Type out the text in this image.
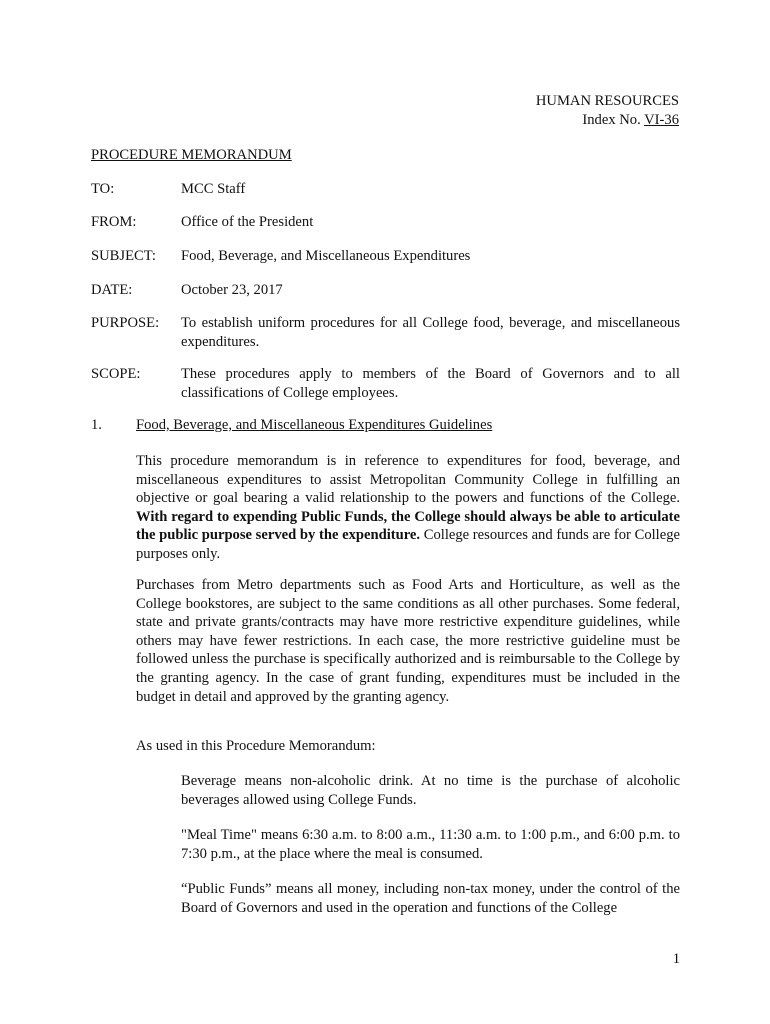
HUMAN RESOURCES
Index No. VI-36
PROCEDURE MEMORANDUM
TO:	MCC Staff
FROM:	Office of the President
SUBJECT: Food, Beverage, and Miscellaneous Expenditures
DATE:	October 23, 2017
PURPOSE: To establish uniform procedures for all College food, beverage, and miscellaneous expenditures.
SCOPE:	These procedures apply to members of the Board of Governors and to all classifications of College employees.
1. Food, Beverage, and Miscellaneous Expenditures Guidelines
This procedure memorandum is in reference to expenditures for food, beverage, and miscellaneous expenditures to assist Metropolitan Community College in fulfilling an objective or goal bearing a valid relationship to the powers and functions of the College. With regard to expending Public Funds, the College should always be able to articulate the public purpose served by the expenditure. College resources and funds are for College purposes only.
Purchases from Metro departments such as Food Arts and Horticulture, as well as the College bookstores, are subject to the same conditions as all other purchases. Some federal, state and private grants/contracts may have more restrictive expenditure guidelines, while others may have fewer restrictions. In each case, the more restrictive guideline must be followed unless the purchase is specifically authorized and is reimbursable to the College by the granting agency. In the case of grant funding, expenditures must be included in the budget in detail and approved by the granting agency.
As used in this Procedure Memorandum:
Beverage means non-alcoholic drink. At no time is the purchase of alcoholic beverages allowed using College Funds.
"Meal Time" means 6:30 a.m. to 8:00 a.m., 11:30 a.m. to 1:00 p.m., and 6:00 p.m. to 7:30 p.m., at the place where the meal is consumed.
“Public Funds” means all money, including non-tax money, under the control of the Board of Governors and used in the operation and functions of the College
1
